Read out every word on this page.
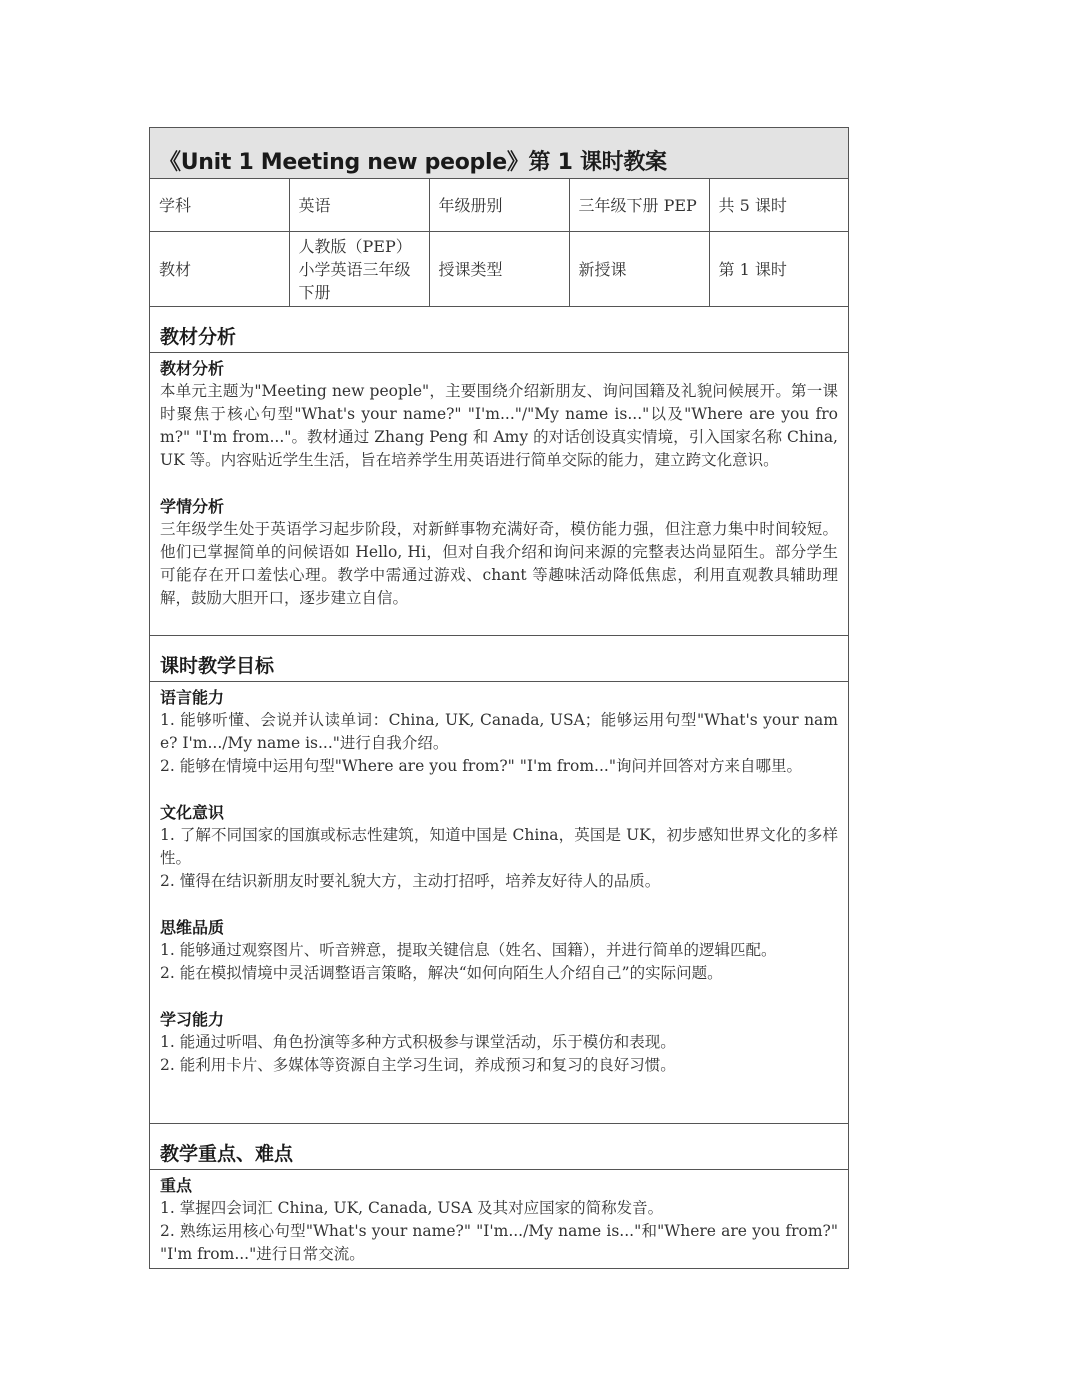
《Unit 1 Meeting new people》第 1 课时教案
学科	英语	年级册别	三年级下册 PEP	共 5 课时
教材	人教版（PEP）小学英语三年级下册	授课类型	新授课	第 1 课时
教材分析
教材分析

本单元主题为"Meeting new people"，主要围绕介绍新朋友、询问国籍及礼貌问候展开。第一课时聚焦于核心句型"What's your name?" "I'm..."/"My name is..."以及"Where are you from?" "I'm from..."。教材通过 Zhang Peng 和 Amy 的对话创设真实情境，引入国家名称 China, UK 等。内容贴近学生生活，旨在培养学生用英语进行简单交际的能力，建立跨文化意识。

学情分析

三年级学生处于英语学习起步阶段，对新鲜事物充满好奇，模仿能力强，但注意力集中时间较短。他们已掌握简单的问候语如 Hello, Hi，但对自我介绍和询问来源的完整表达尚显陌生。部分学生可能存在开口羞怯心理。教学中需通过游戏、chant 等趣味活动降低焦虑，利用直观教具辅助理解，鼓励大胆开口，逐步建立自信。

课时教学目标
语言能力

1. 能够听懂、会说并认读单词：China, UK, Canada, USA；能够运用句型"What's your name? I'm.../My name is..."进行自我介绍。

2. 能够在情境中运用句型"Where are you from?" "I'm from..."询问并回答对方来自哪里。

文化意识

1. 了解不同国家的国旗或标志性建筑，知道中国是 China，英国是 UK，初步感知世界文化的多样性。

2. 懂得在结识新朋友时要礼貌大方，主动打招呼，培养友好待人的品质。

思维品质

1. 能够通过观察图片、听音辨意，提取关键信息（姓名、国籍），并进行简单的逻辑匹配。

2. 能在模拟情境中灵活调整语言策略，解决“如何向陌生人介绍自己”的实际问题。

学习能力

1. 能通过听唱、角色扮演等多种方式积极参与课堂活动，乐于模仿和表现。

2. 能利用卡片、多媒体等资源自主学习生词，养成预习和复习的良好习惯。

教学重点、难点
重点

1. 掌握四会词汇 China, UK, Canada, USA 及其对应国家的简称发音。

2. 熟练运用核心句型"What's your name?" "I'm.../My name is..."和"Where are you from?" "I'm from..."进行日常交流。
